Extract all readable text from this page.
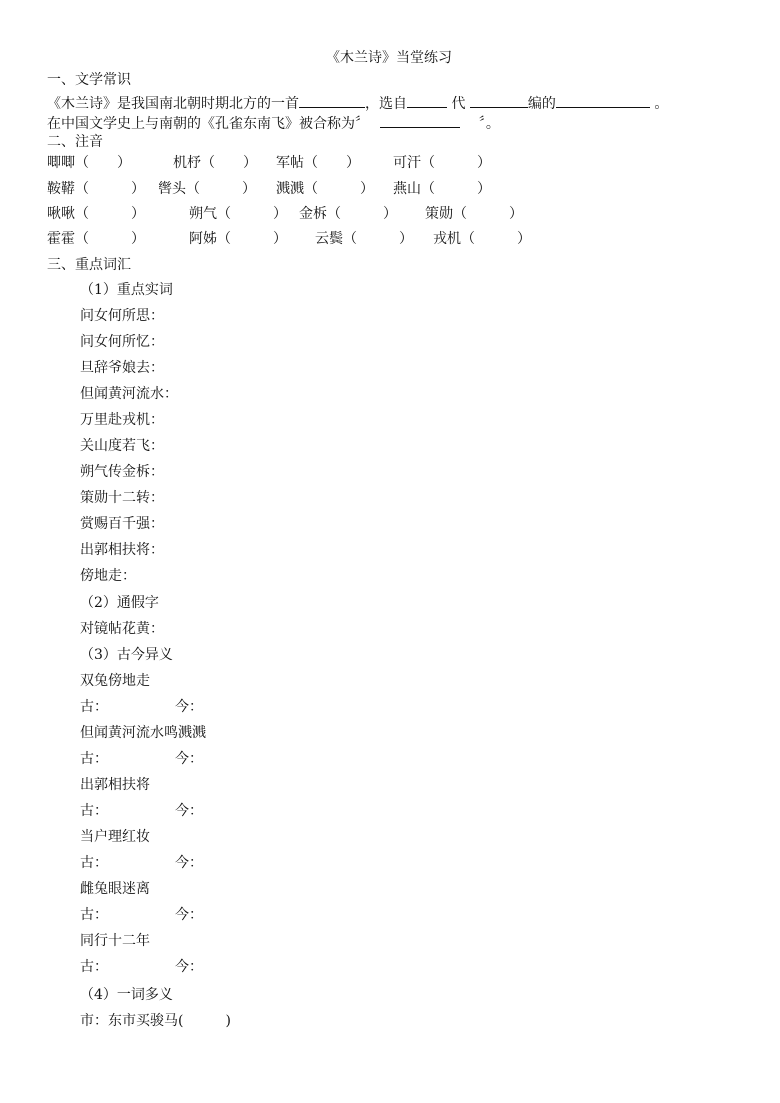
《木兰诗》当堂练习
一、文学常识
《木兰诗》是我国南北朝时期北方的一首	，选自	代	编的	。
在中国文学史上与南朝的《孔雀东南飞》被合称为〞　 　	〞。
二、注音
唧唧（　　）	机杼（　　） 军帖（　　） 可汗（　　　）
鞍鞯（　　　） 辔头（　　　） 溅溅（　　　） 燕山（　　　）
啾啾（　　　）	朔气（　　　） 金柝（　　　） 策勋（　　　）
霍霍（　　　）	阿姊（　　　） 云鬓（　　　） 戎机（　　　）
三、重点词汇
（1）重点实词
问女何所思：
问女何所忆：
旦辞爷娘去：
但闻黄河流水：
万里赴戎机：
关山度若飞：
朔气传金柝：
策勋十二转：
赏赐百千强：
出郭相扶将：
傍地走：
（2）通假字
对镜帖花黄：
（3）古今异义
双兔傍地走
古：	今：
但闻黄河流水鸣溅溅
古：	今：
出郭相扶将
古：	今：
当户理红妆
古：	今：
雌兔眼迷离
古：	今：
同行十二年
古：	今：
（4）一词多义
市：东市买骏马(　　　)
